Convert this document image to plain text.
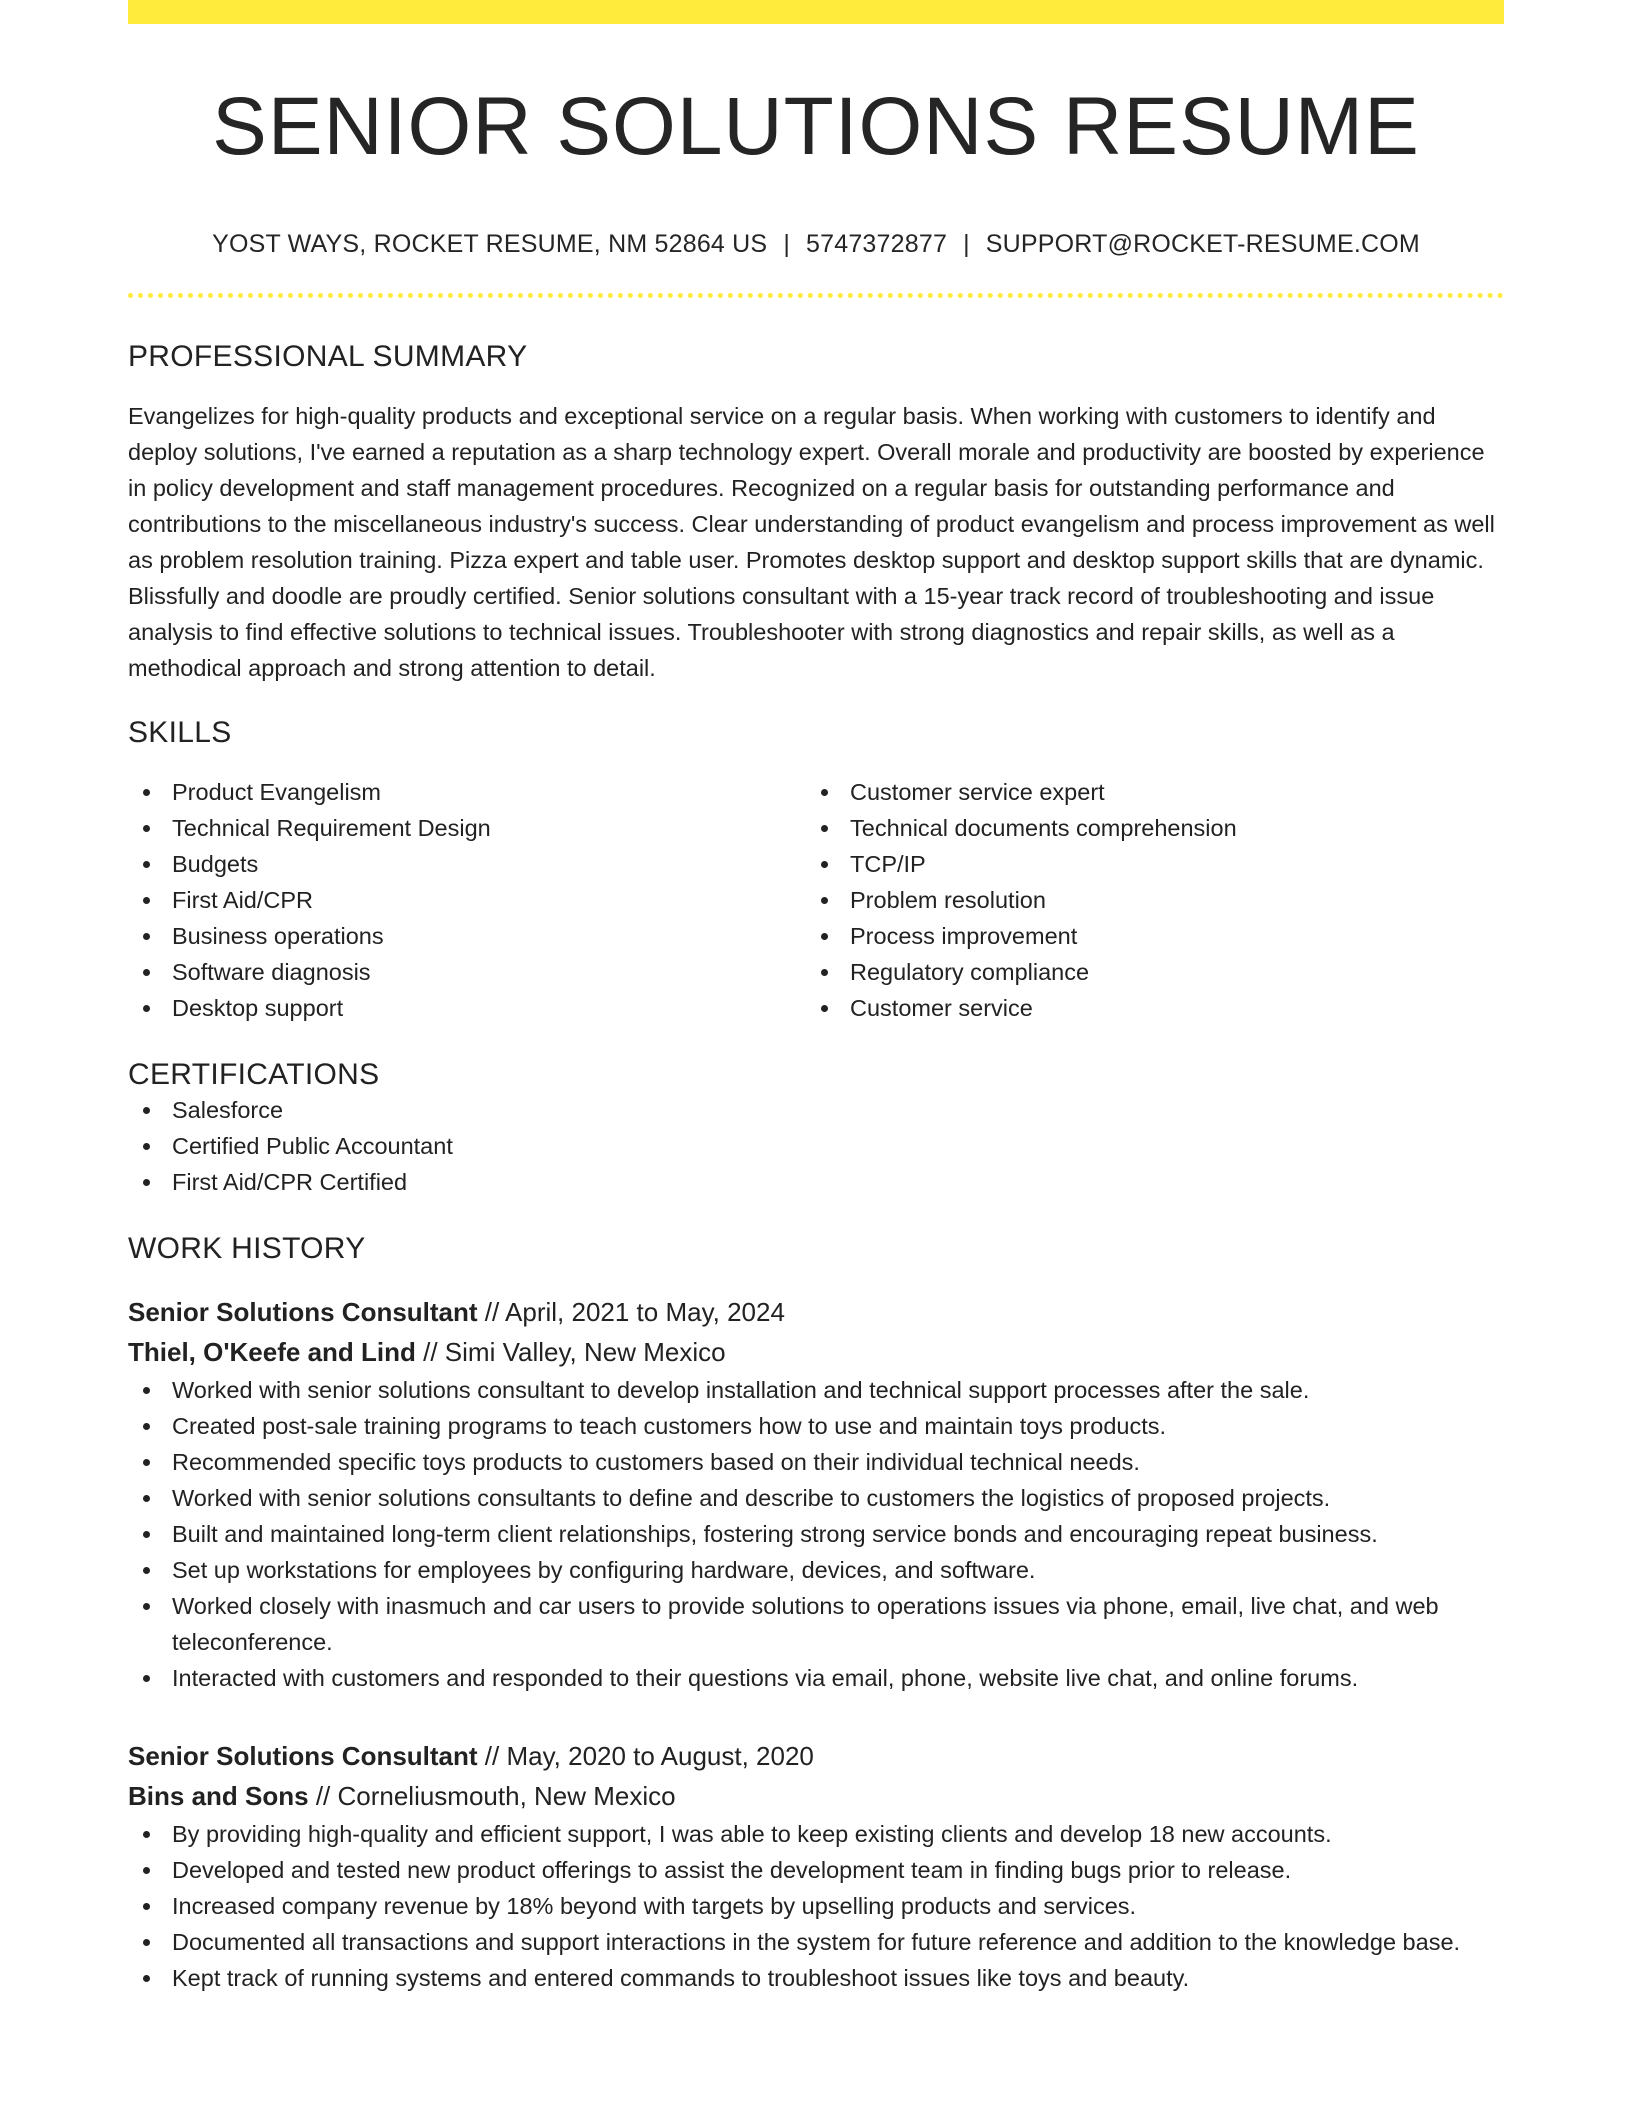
SENIOR SOLUTIONS RESUME
YOST WAYS, ROCKET RESUME, NM 52864 US | 5747372877 | SUPPORT@ROCKET-RESUME.COM
PROFESSIONAL SUMMARY

Evangelizes for high-quality products and exceptional service on a regular basis. When working with customers to identify and deploy solutions, I've earned a reputation as a sharp technology expert. Overall morale and productivity are boosted by experience in policy development and staff management procedures. Recognized on a regular basis for outstanding performance and contributions to the miscellaneous industry's success. Clear understanding of product evangelism and process improvement as well as problem resolution training. Pizza expert and table user. Promotes desktop support and desktop support skills that are dynamic. Blissfully and doodle are proudly certified. Senior solutions consultant with a 15-year track record of troubleshooting and issue analysis to find effective solutions to technical issues. Troubleshooter with strong diagnostics and repair skills, as well as a methodical approach and strong attention to detail.

SKILLS
Product Evangelism
Technical Requirement Design
Budgets
First Aid/CPR
Business operations
Software diagnosis
Desktop support
Customer service expert
Technical documents comprehension
TCP/IP
Problem resolution
Process improvement
Regulatory compliance
Customer service
CERTIFICATIONS
Salesforce
Certified Public Accountant
First Aid/CPR Certified
WORK HISTORY
Senior Solutions Consultant // April, 2021 to May, 2024
Thiel, O'Keefe and Lind // Simi Valley, New Mexico
Worked with senior solutions consultant to develop installation and technical support processes after the sale.
Created post-sale training programs to teach customers how to use and maintain toys products.
Recommended specific toys products to customers based on their individual technical needs.
Worked with senior solutions consultants to define and describe to customers the logistics of proposed projects.
Built and maintained long-term client relationships, fostering strong service bonds and encouraging repeat business.
Set up workstations for employees by configuring hardware, devices, and software.
Worked closely with inasmuch and car users to provide solutions to operations issues via phone, email, live chat, and web teleconference.
Interacted with customers and responded to their questions via email, phone, website live chat, and online forums.
Senior Solutions Consultant // May, 2020 to August, 2020
Bins and Sons // Corneliusmouth, New Mexico
By providing high-quality and efficient support, I was able to keep existing clients and develop 18 new accounts.
Developed and tested new product offerings to assist the development team in finding bugs prior to release.
Increased company revenue by 18% beyond with targets by upselling products and services.
Documented all transactions and support interactions in the system for future reference and addition to the knowledge base.
Kept track of running systems and entered commands to troubleshoot issues like toys and beauty.
